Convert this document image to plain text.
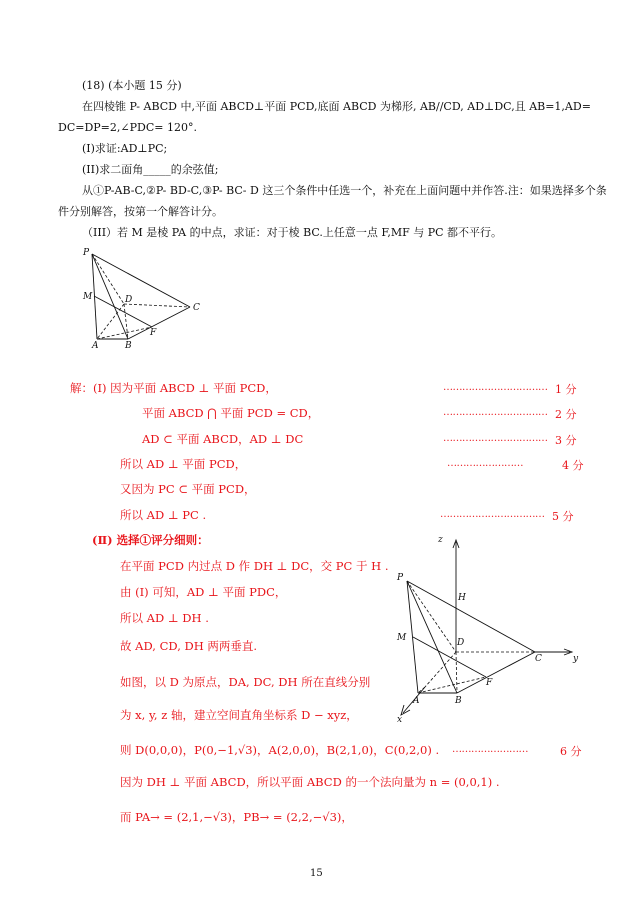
(18) (本小题 15 分)
在四棱锥 P- ABCD 中,平面 ABCD⊥平面 PCD,底面 ABCD 为梯形, AB//CD, AD⊥DC,且 AB=1,AD=
DC=DP=2,∠PDC= 120°.
(I)求证:AD⊥PC;
(II)求二面角_____的余弦值;
从①P-AB-C,②P- BD-C,③P- BC- D 这三个条件中任选一个，补充在上面问题中并作答.注：如果选择多个条
件分别解答，按第一个解答计分。
（III）若 M 是棱 PA 的中点，求证：对于棱 BC.上任意一点 F,MF 与 PC 都不平行。
P
M	D
C
F
A	B
解：(Ⅰ) 因为平面 ABCD ⊥ 平面 PCD，	…………………………… 1 分
平面 ABCD ⋂ 平面 PCD = CD，	…………………………… 2 分
AD ⊂ 平面 ABCD，AD ⊥ DC	…………………………… 3 分
所以 AD ⊥ 平面 PCD，	……………………	4 分
又因为 PC ⊂ 平面 PCD，
所以 AD ⊥ PC .	…………………………… 5 分
(Ⅱ) 选择①评分细则：
在平面 PCD 内过点 D 作 DH ⊥ DC，交 PC 于 H .
由 (Ⅰ) 可知，AD ⊥ 平面 PDC，
所以 AD ⊥ DH .
故 AD, CD, DH 两两垂直.
如图，以 D 为原点，DA, DC, DH 所在直线分别
为 x, y, z 轴，建立空间直角坐标系 D − xyz，
z
P
H
M	D
C	y
F
A	B
x
则 D(0,0,0)，P(0,−1,√3)，A(2,0,0)，B(2,1,0)，C(0,2,0) . ……………………	6 分
因为 DH ⊥ 平面 ABCD，所以平面 ABCD 的一个法向量为 n = (0,0,1) .
而 PA→ = (2,1,−√3)，PB→ = (2,2,−√3)，
15
